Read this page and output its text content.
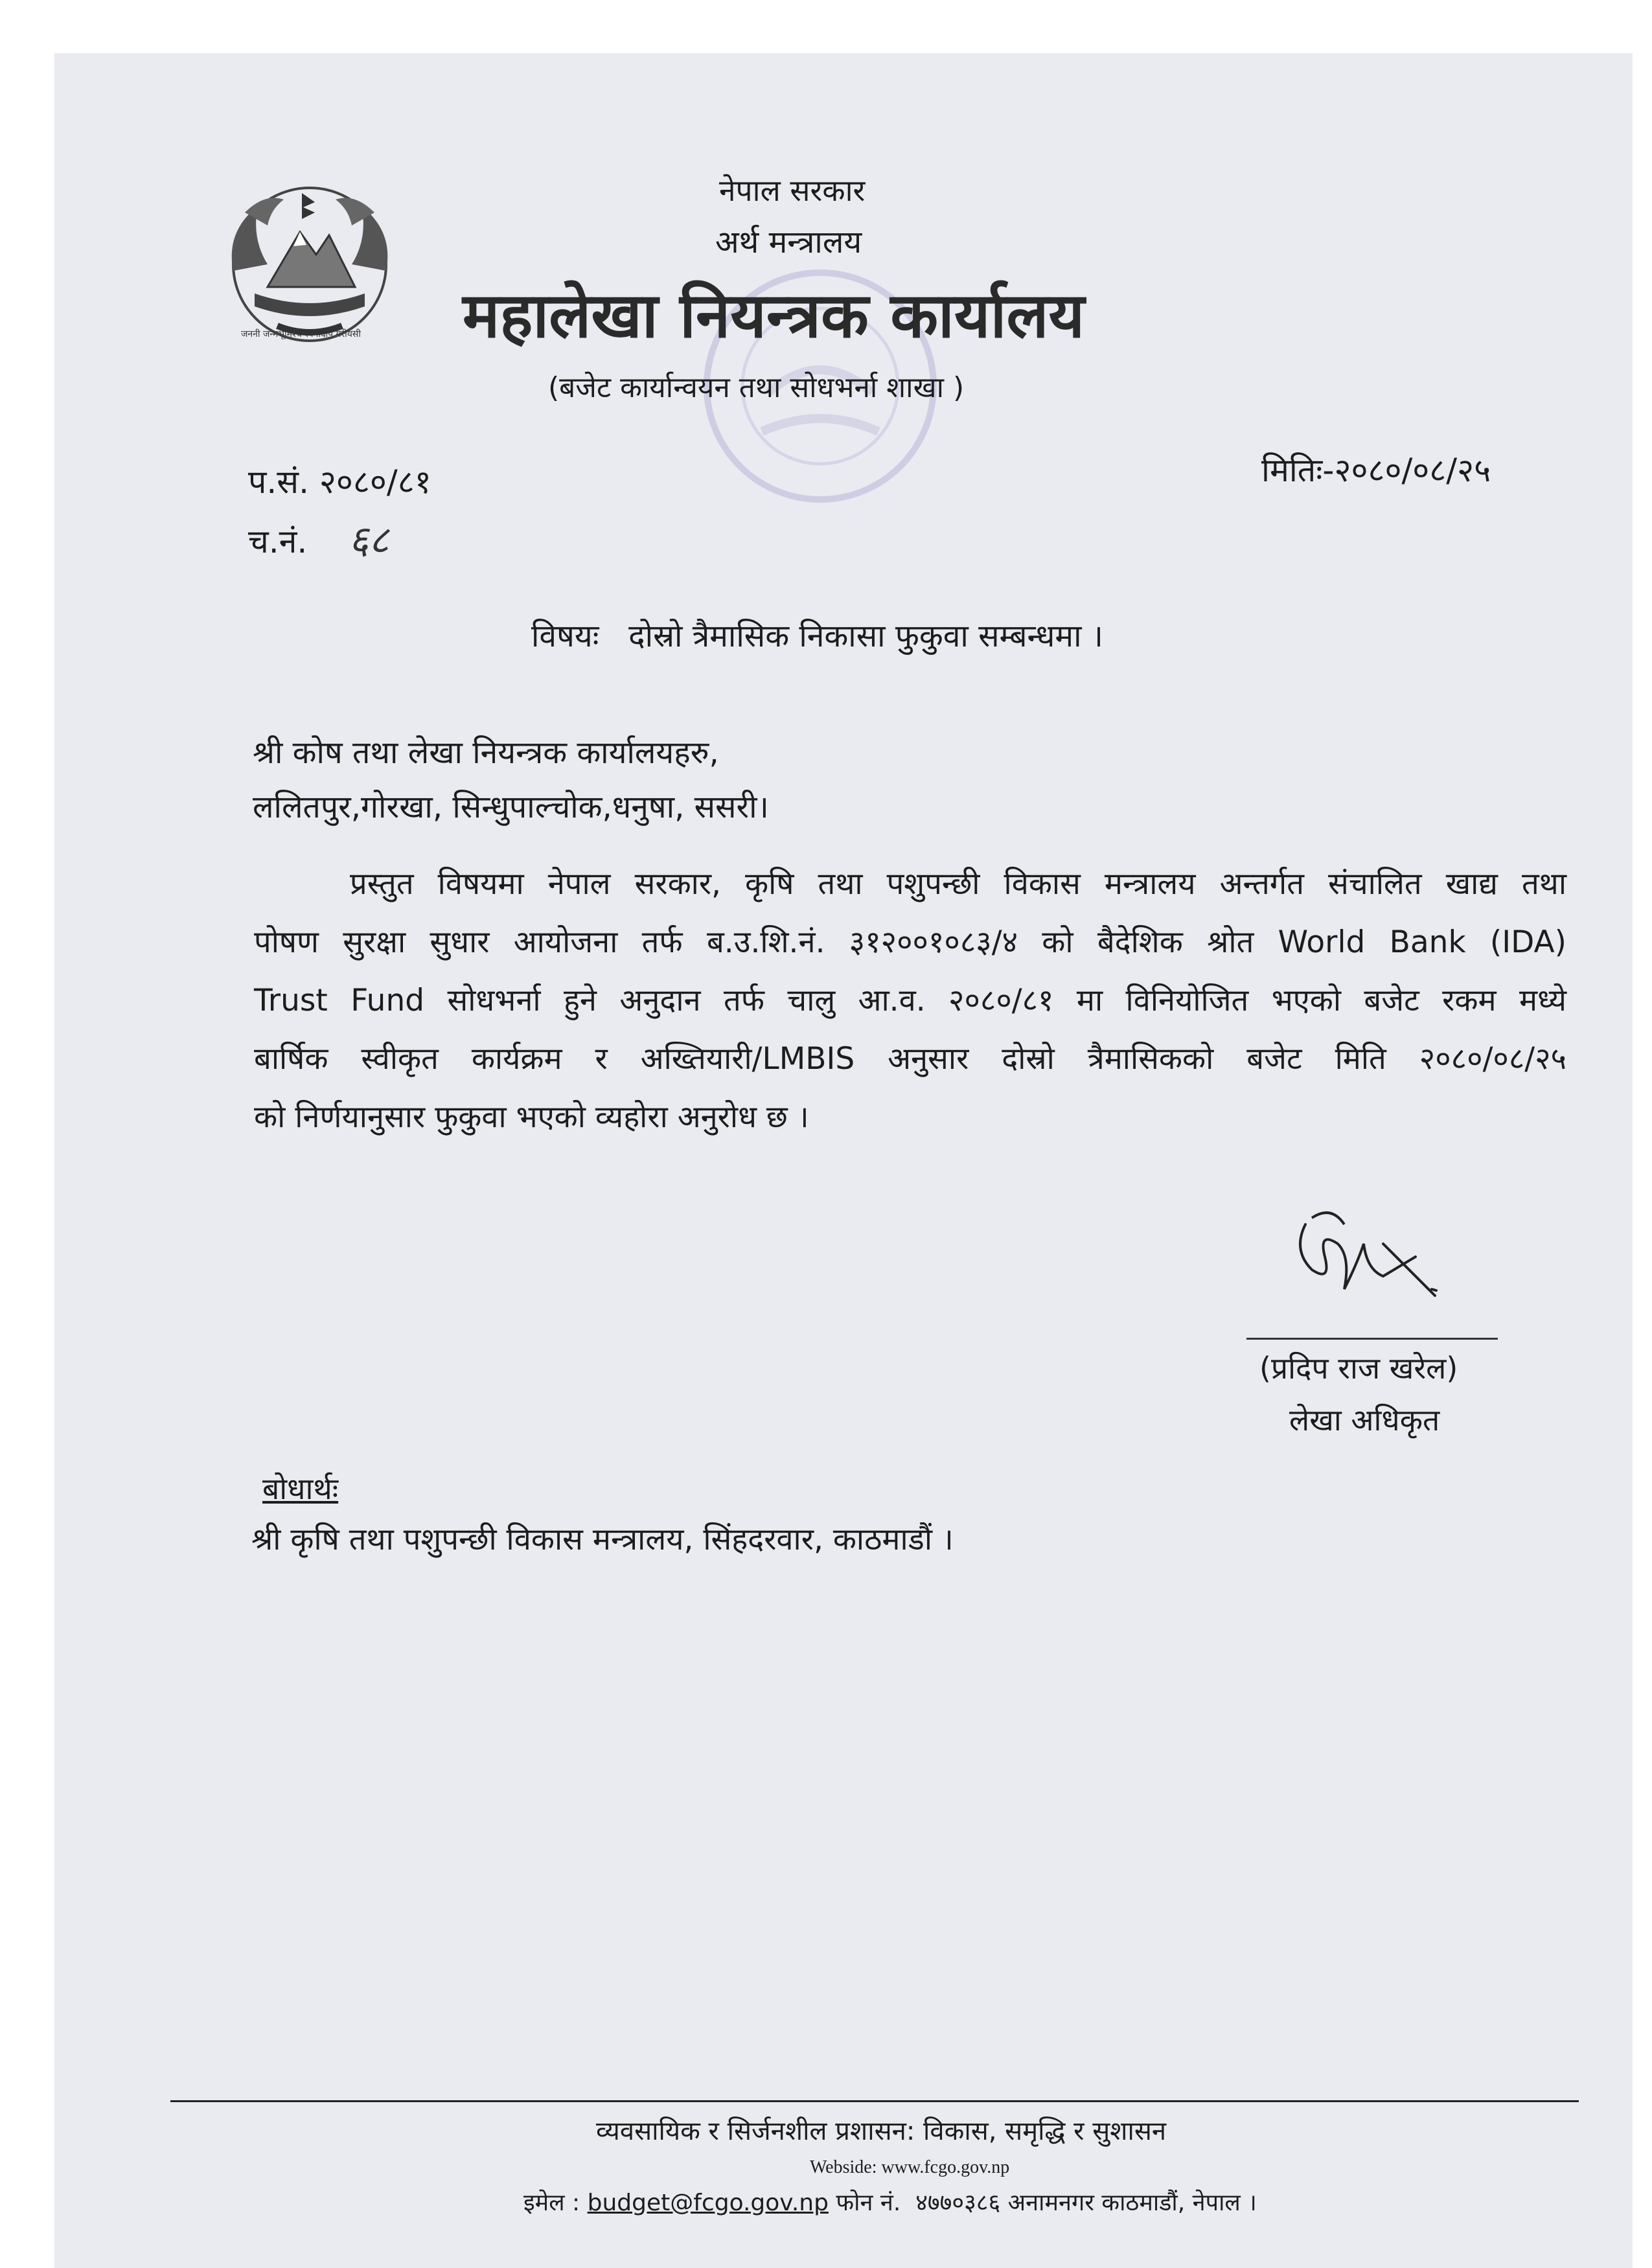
जननी जन्मभूमिश्च स्वर्गादपि गरीयसी
नेपाल सरकार
अर्थ मन्त्रालय
महालेखा नियन्त्रक कार्यालय
(बजेट कार्यान्वयन तथा सोधभर्ना शाखा )
प.सं. २०८०/८१
च.नं. ६८
मितिः-२०८०/०८/२५
विषयः   दोस्रो त्रैमासिक निकासा फुकुवा सम्बन्धमा ।
श्री कोष तथा लेखा नियन्त्रक कार्यालयहरु,
ललितपुर,गोरखा, सिन्धुपाल्चोक,धनुषा, ससरी।
प्रस्तुत विषयमा नेपाल सरकार, कृषि तथा पशुपन्छी विकास मन्त्रालय अन्तर्गत संचालित खाद्य तथा
पोषण सुरक्षा सुधार आयोजना तर्फ ब.उ.शि.नं. ३१२००१०८३/४ को बैदेशिक श्रोत World Bank (IDA)
Trust Fund सोधभर्ना हुने अनुदान तर्फ चालु आ.व. २०८०/८१ मा विनियोजित भएको बजेट रकम मध्ये
बार्षिक स्वीकृत कार्यक्रम र अख्तियारी/LMBIS अनुसार दोस्रो त्रैमासिकको बजेट मिति २०८०/०८/२५
को निर्णयानुसार फुकुवा भएको व्यहोरा अनुरोध छ ।
(प्रदिप राज खरेल)
लेखा अधिकृत
बोधार्थः
श्री कृषि तथा पशुपन्छी विकास मन्त्रालय, सिंहदरवार, काठमाडौं ।
व्यवसायिक र सिर्जनशील प्रशासन: विकास, समृद्धि र सुशासन
Webside: www.fcgo.gov.np
इमेल : budget@fcgo.gov.np फोन नं.  ४७७०३८६ अनामनगर काठमाडौं, नेपाल ।
